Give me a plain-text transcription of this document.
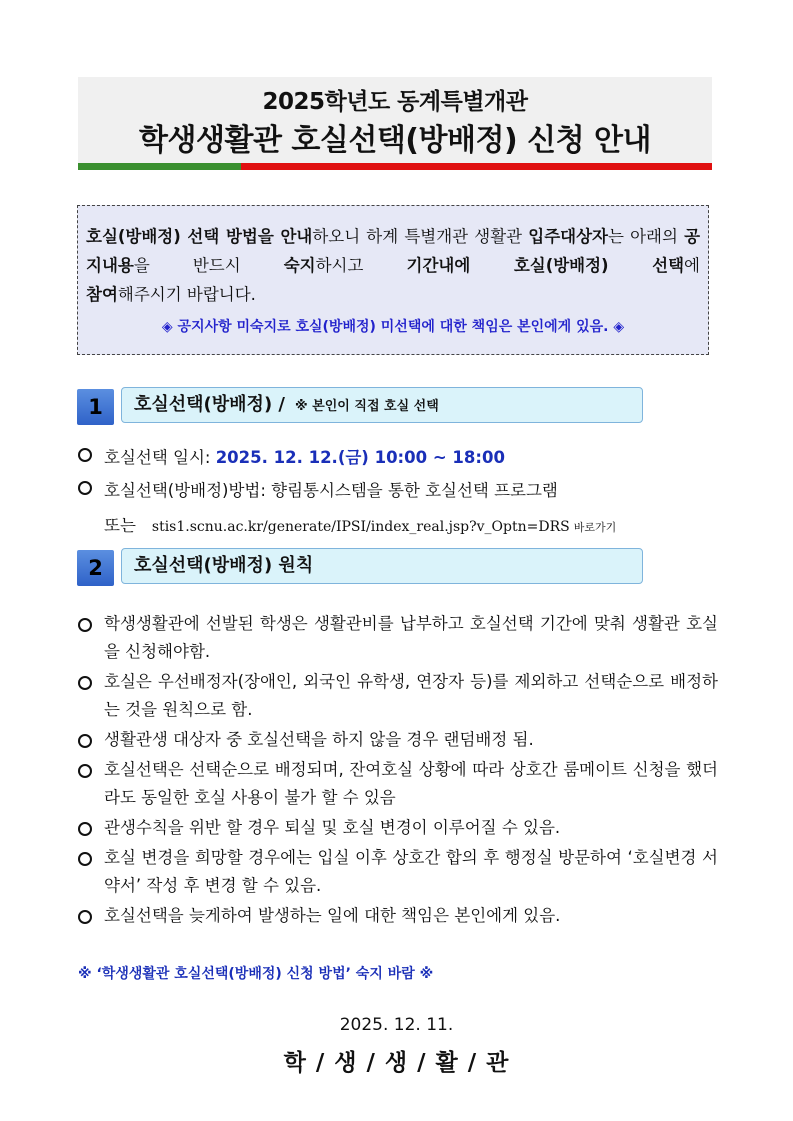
2025학년도 동계특별개관
학생생활관 호실선택(방배정) 신청 안내
호실(방배정) 선택 방법을 안내하오니 하계 특별개관 생활관 입주대상자는 아래의 공지내용을 반드시 숙지하시고 기간내에 호실(방배정) 선택에
참여해주시기 바랍니다.
◈ 공지사항 미숙지로 호실(방배정) 미선택에 대한 책임은 본인에게 있음. ◈
1	호실선택(방배정) / ※ 본인이 직접 호실 선택
호실선택 일시: 2025. 12. 12.(금) 10:00 ~ 18:00
호실선택(방배정)방법: 향림통시스템을 통한 호실선택 프로그램
또는 stis1.scnu.ac.kr/generate/IPSI/index_real.jsp?v_Optn=DRS 바로가기
2	호실선택(방배정) 원칙
학생생활관에 선발된 학생은 생활관비를 납부하고 호실선택 기간에 맞춰 생활관 호실을 신청해야함.
호실은 우선배정자(장애인, 외국인 유학생, 연장자 등)를 제외하고 선택순으로 배정하는 것을 원칙으로 함.
생활관생 대상자 중 호실선택을 하지 않을 경우 랜덤배정 됨.
호실선택은 선택순으로 배정되며, 잔여호실 상황에 따라 상호간 룸메이트 신청을 했더라도 동일한 호실 사용이 불가 할 수 있음
관생수칙을 위반 할 경우 퇴실 및 호실 변경이 이루어질 수 있음.
호실 변경을 희망할 경우에는 입실 이후 상호간 합의 후 행정실 방문하여 ‘호실변경 서약서’ 작성 후 변경 할 수 있음.
호실선택을 늦게하여 발생하는 일에 대한 책임은 본인에게 있음.
※ ‘학생생활관 호실선택(방배정) 신청 방법’ 숙지 바람 ※
2025. 12. 11.
학 / 생 / 생 / 활 / 관
